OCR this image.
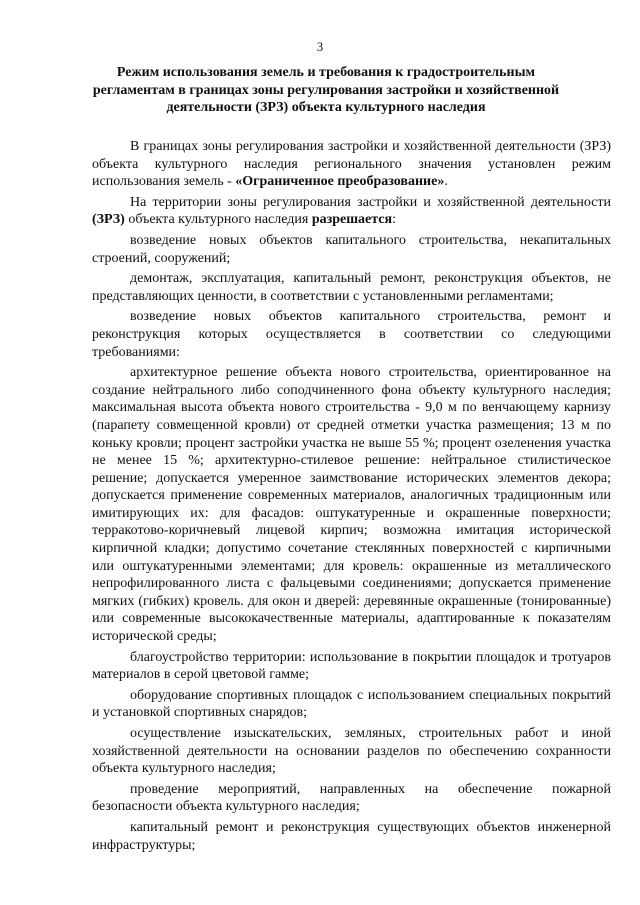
3
Режим использования земель и требования к градостроительным регламентам в границах зоны регулирования застройки и хозяйственной деятельности (ЗРЗ) объекта культурного наследия

В границах зоны регулирования застройки и хозяйственной деятельности (ЗРЗ) объекта культурного наследия регионального значения установлен режим использования земель - «Ограниченное преобразование».

На территории зоны регулирования застройки и хозяйственной деятельности (ЗРЗ) объекта культурного наследия разрешается:

возведение новых объектов капитального строительства, некапитальных строений, сооружений;

демонтаж, эксплуатация, капитальный ремонт, реконструкция объектов, не представляющих ценности, в соответствии с установленными регламентами;

возведение новых объектов капитального строительства, ремонт и реконструкция которых осуществляется в соответствии со следующими требованиями:

архитектурное решение объекта нового строительства, ориентированное на создание нейтрального либо соподчиненного фона объекту культурного наследия; максимальная высота объекта нового строительства - 9,0 м по венчающему карнизу (парапету совмещенной кровли) от средней отметки участка размещения; 13 м по коньку кровли; процент застройки участка не выше 55 %; процент озеленения участка не менее 15 %; архитектурно-стилевое решение: нейтральное стилистическое решение; допускается умеренное заимствование исторических элементов декора; допускается применение современных материалов, аналогичных традиционным или имитирующих их: для фасадов: оштукатуренные и окрашенные поверхности; терракотово-коричневый лицевой кирпич; возможна имитация исторической кирпичной кладки; допустимо сочетание стеклянных поверхностей с кирпичными или оштукатуренными элементами; для кровель: окрашенные из металлического непрофилированного листа с фальцевыми соединениями; допускается применение мягких (гибких) кровель. для окон и дверей: деревянные окрашенные (тонированные) или современные высококачественные материалы, адаптированные к показателям исторической среды;

благоустройство территории: использование в покрытии площадок и тротуаров материалов в серой цветовой гамме;

оборудование спортивных площадок с использованием специальных покрытий и установкой спортивных снарядов;

осуществление изыскательских, земляных, строительных работ и иной хозяйственной деятельности на основании разделов по обеспечению сохранности объекта культурного наследия;

проведение мероприятий, направленных на обеспечение пожарной безопасности объекта культурного наследия;

капитальный ремонт и реконструкция существующих объектов инженерной инфраструктуры;
